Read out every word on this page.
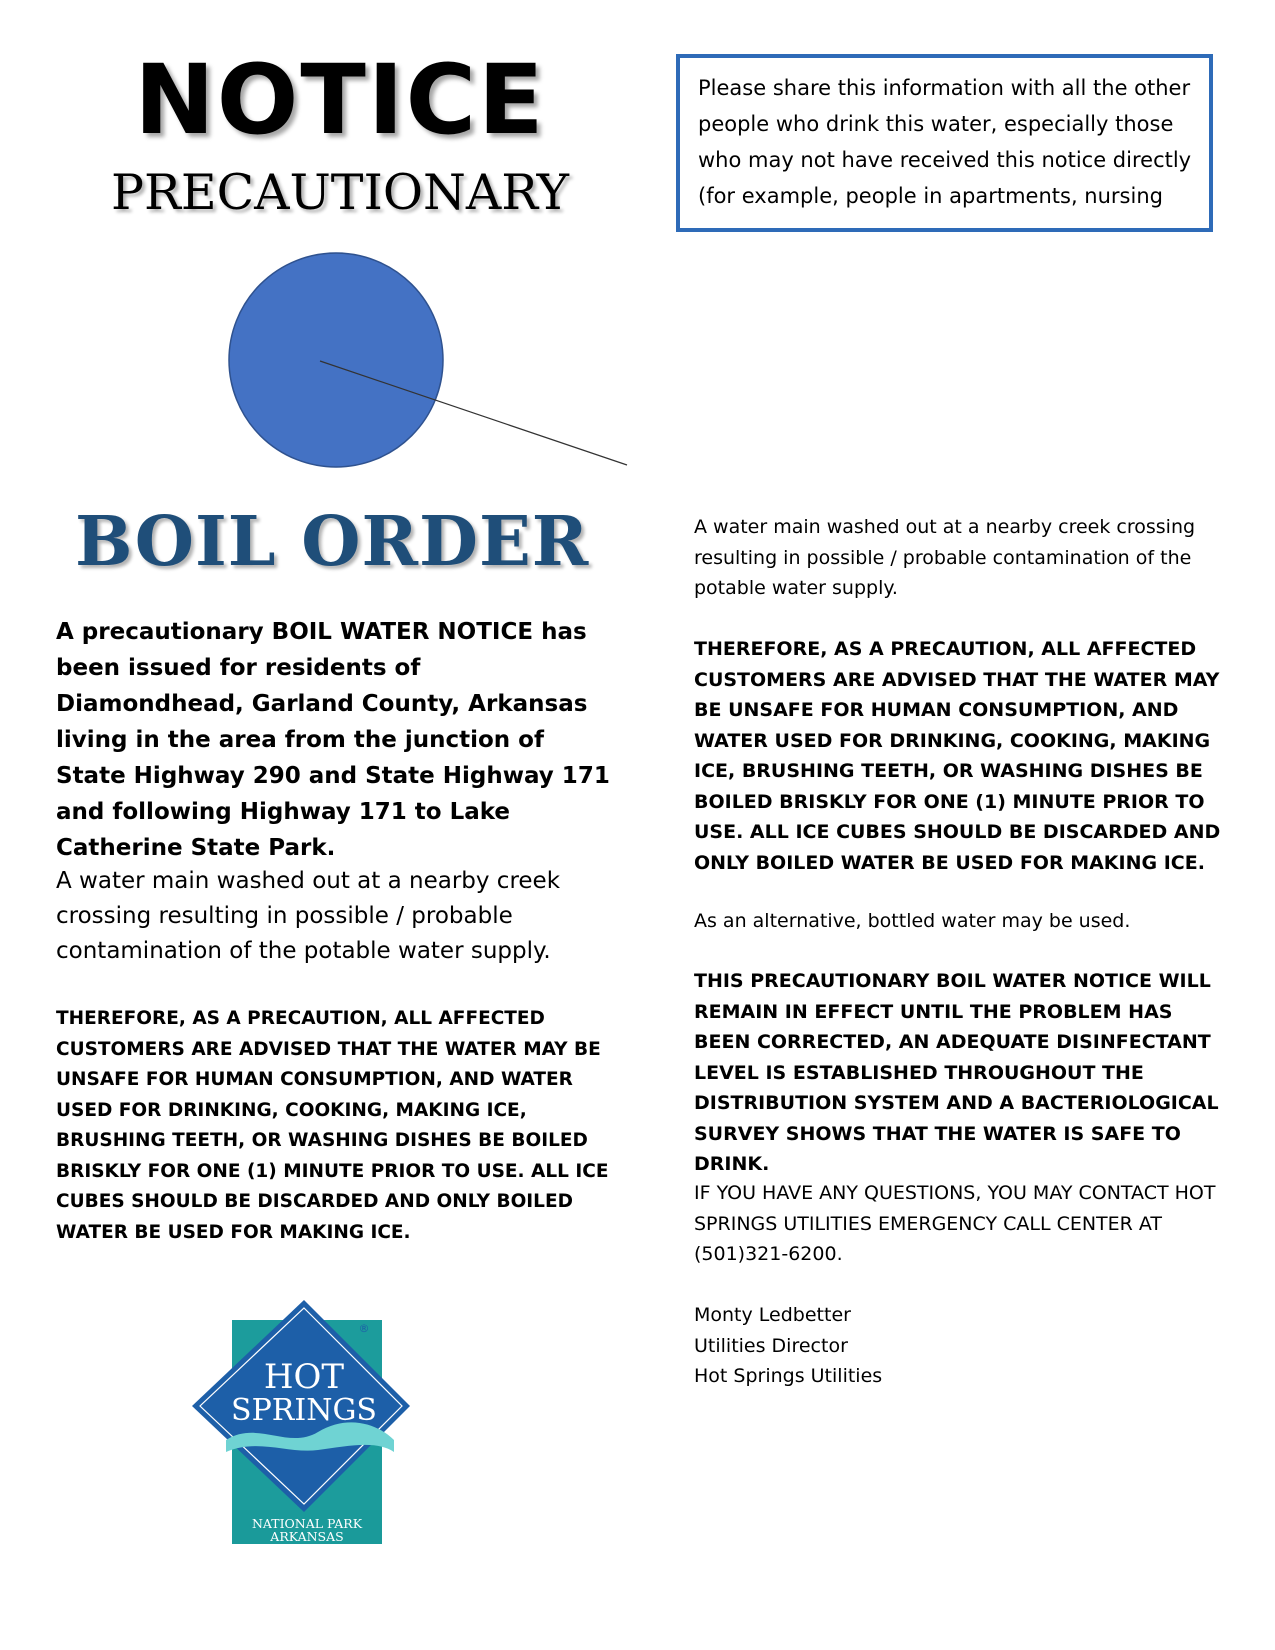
NOTICE
PRECAUTIONARY

Please share this information with all the other people who drink this water, especially those who may not have received this notice directly (for example, people in apartments, nursing

BOIL ORDER
A precautionary BOIL WATER NOTICE has been issued for residents of Diamondhead, Garland County, Arkansas living in the area from the junction of State Highway 290 and State Highway 171 and following Highway 171 to Lake Catherine State Park.
A water main washed out at a nearby creek crossing resulting in possible / probable contamination of the potable water supply.
THEREFORE, AS A PRECAUTION, ALL AFFECTED CUSTOMERS ARE ADVISED THAT THE WATER MAY BE UNSAFE FOR HUMAN CONSUMPTION, AND WATER USED FOR DRINKING, COOKING, MAKING ICE, BRUSHING TEETH, OR WASHING DISHES BE BOILED BRISKLY FOR ONE (1) MINUTE PRIOR TO USE. ALL ICE CUBES SHOULD BE DISCARDED AND ONLY BOILED WATER BE USED FOR MAKING ICE.
A water main washed out at a nearby creek crossing resulting in possible / probable contamination of the potable water supply.
THEREFORE, AS A PRECAUTION, ALL AFFECTED CUSTOMERS ARE ADVISED THAT THE WATER MAY BE UNSAFE FOR HUMAN CONSUMPTION, AND WATER USED FOR DRINKING, COOKING, MAKING ICE, BRUSHING TEETH, OR WASHING DISHES BE BOILED BRISKLY FOR ONE (1) MINUTE PRIOR TO USE. ALL ICE CUBES SHOULD BE DISCARDED AND ONLY BOILED WATER BE USED FOR MAKING ICE.
As an alternative, bottled water may be used.
THIS PRECAUTIONARY BOIL WATER NOTICE WILL REMAIN IN EFFECT UNTIL THE PROBLEM HAS BEEN CORRECTED, AN ADEQUATE DISINFECTANT LEVEL IS ESTABLISHED THROUGHOUT THE DISTRIBUTION SYSTEM AND A BACTERIOLOGICAL SURVEY SHOWS THAT THE WATER IS SAFE TO DRINK.
IF YOU HAVE ANY QUESTIONS, YOU MAY CONTACT HOT SPRINGS UTILITIES EMERGENCY CALL CENTER AT (501)321-6200.
Monty Ledbetter
Utilities Director
Hot Springs Utilities
HOT
SPRINGS
NATIONAL PARK
ARKANSAS
®
